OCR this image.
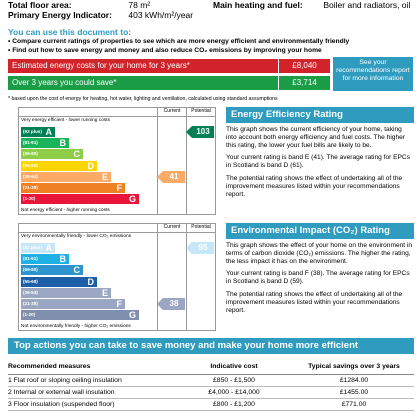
Total floor area:	78 m²
Primary Energy Indicator: 403 kWh/m²/year
Main heating and fuel: Boiler and radiators, oil
You can use this document to:
• Compare current ratings of properties to see which are more energy efficient and environmentally friendly
• Find out how to save energy and money and also reduce CO₂ emissions by improving your home
Estimated energy costs for your home for 3 years*	£8,040
Over 3 years you could save*	£3,714
See your recommendations report for more information
* based upon the cost of energy for heating, hot water, lighting and ventilation, calculated using standard assumptions
Current	Potential
Very energy efficient - lower running costs
Not energy efficient - higher running costs
(92 plus) A
(81-91) B
(69-80)	C
(55-68)	D
(39-54)	E
(21-38)	F
(1-20)	G
41
103
Current	Potential
Very environmentally friendly - lower CO₂ emissions
Not environmentally friendly - higher CO₂ emissions
(92 plus) A
(81-91) B
(69-80)	C
(55-68)	D
(39-54)	E
(21-38)	F
(1-20)	G
38
95
Energy Efficiency Rating

This graph shows the current efficiency of your home, taking into account both energy efficiency and fuel costs. The higher this rating, the lower your fuel bills are likely to be.

Your current rating is band E (41). The average rating for EPCs in Scotland is band D (61).

The potential rating shows the effect of undertaking all of the improvement measures listed within your recommendations report.

Environmental Impact (CO₂) Rating

This graph shows the effect of your home on the environment in terms of carbon dioxide (CO₂) emissions. The higher the rating, the less impact it has on the environment.

Your current rating is band F (38). The average rating for EPCs in Scotland is band D (59).

The potential rating shows the effect of undertaking all of the improvement measures listed within your recommendations report.

Top actions you can take to save money and make your home more efficient
Recommended measures	Indicative cost	Typical savings over 3 years
1 Flat roof or sloping ceiling insulation	£850 - £1,500	£1284.00
2 Internal or external wall insulation	£4,000 - £14,000	£1455.00
3 Floor insulation (suspended floor)	£800 - £1,200	£771.00
